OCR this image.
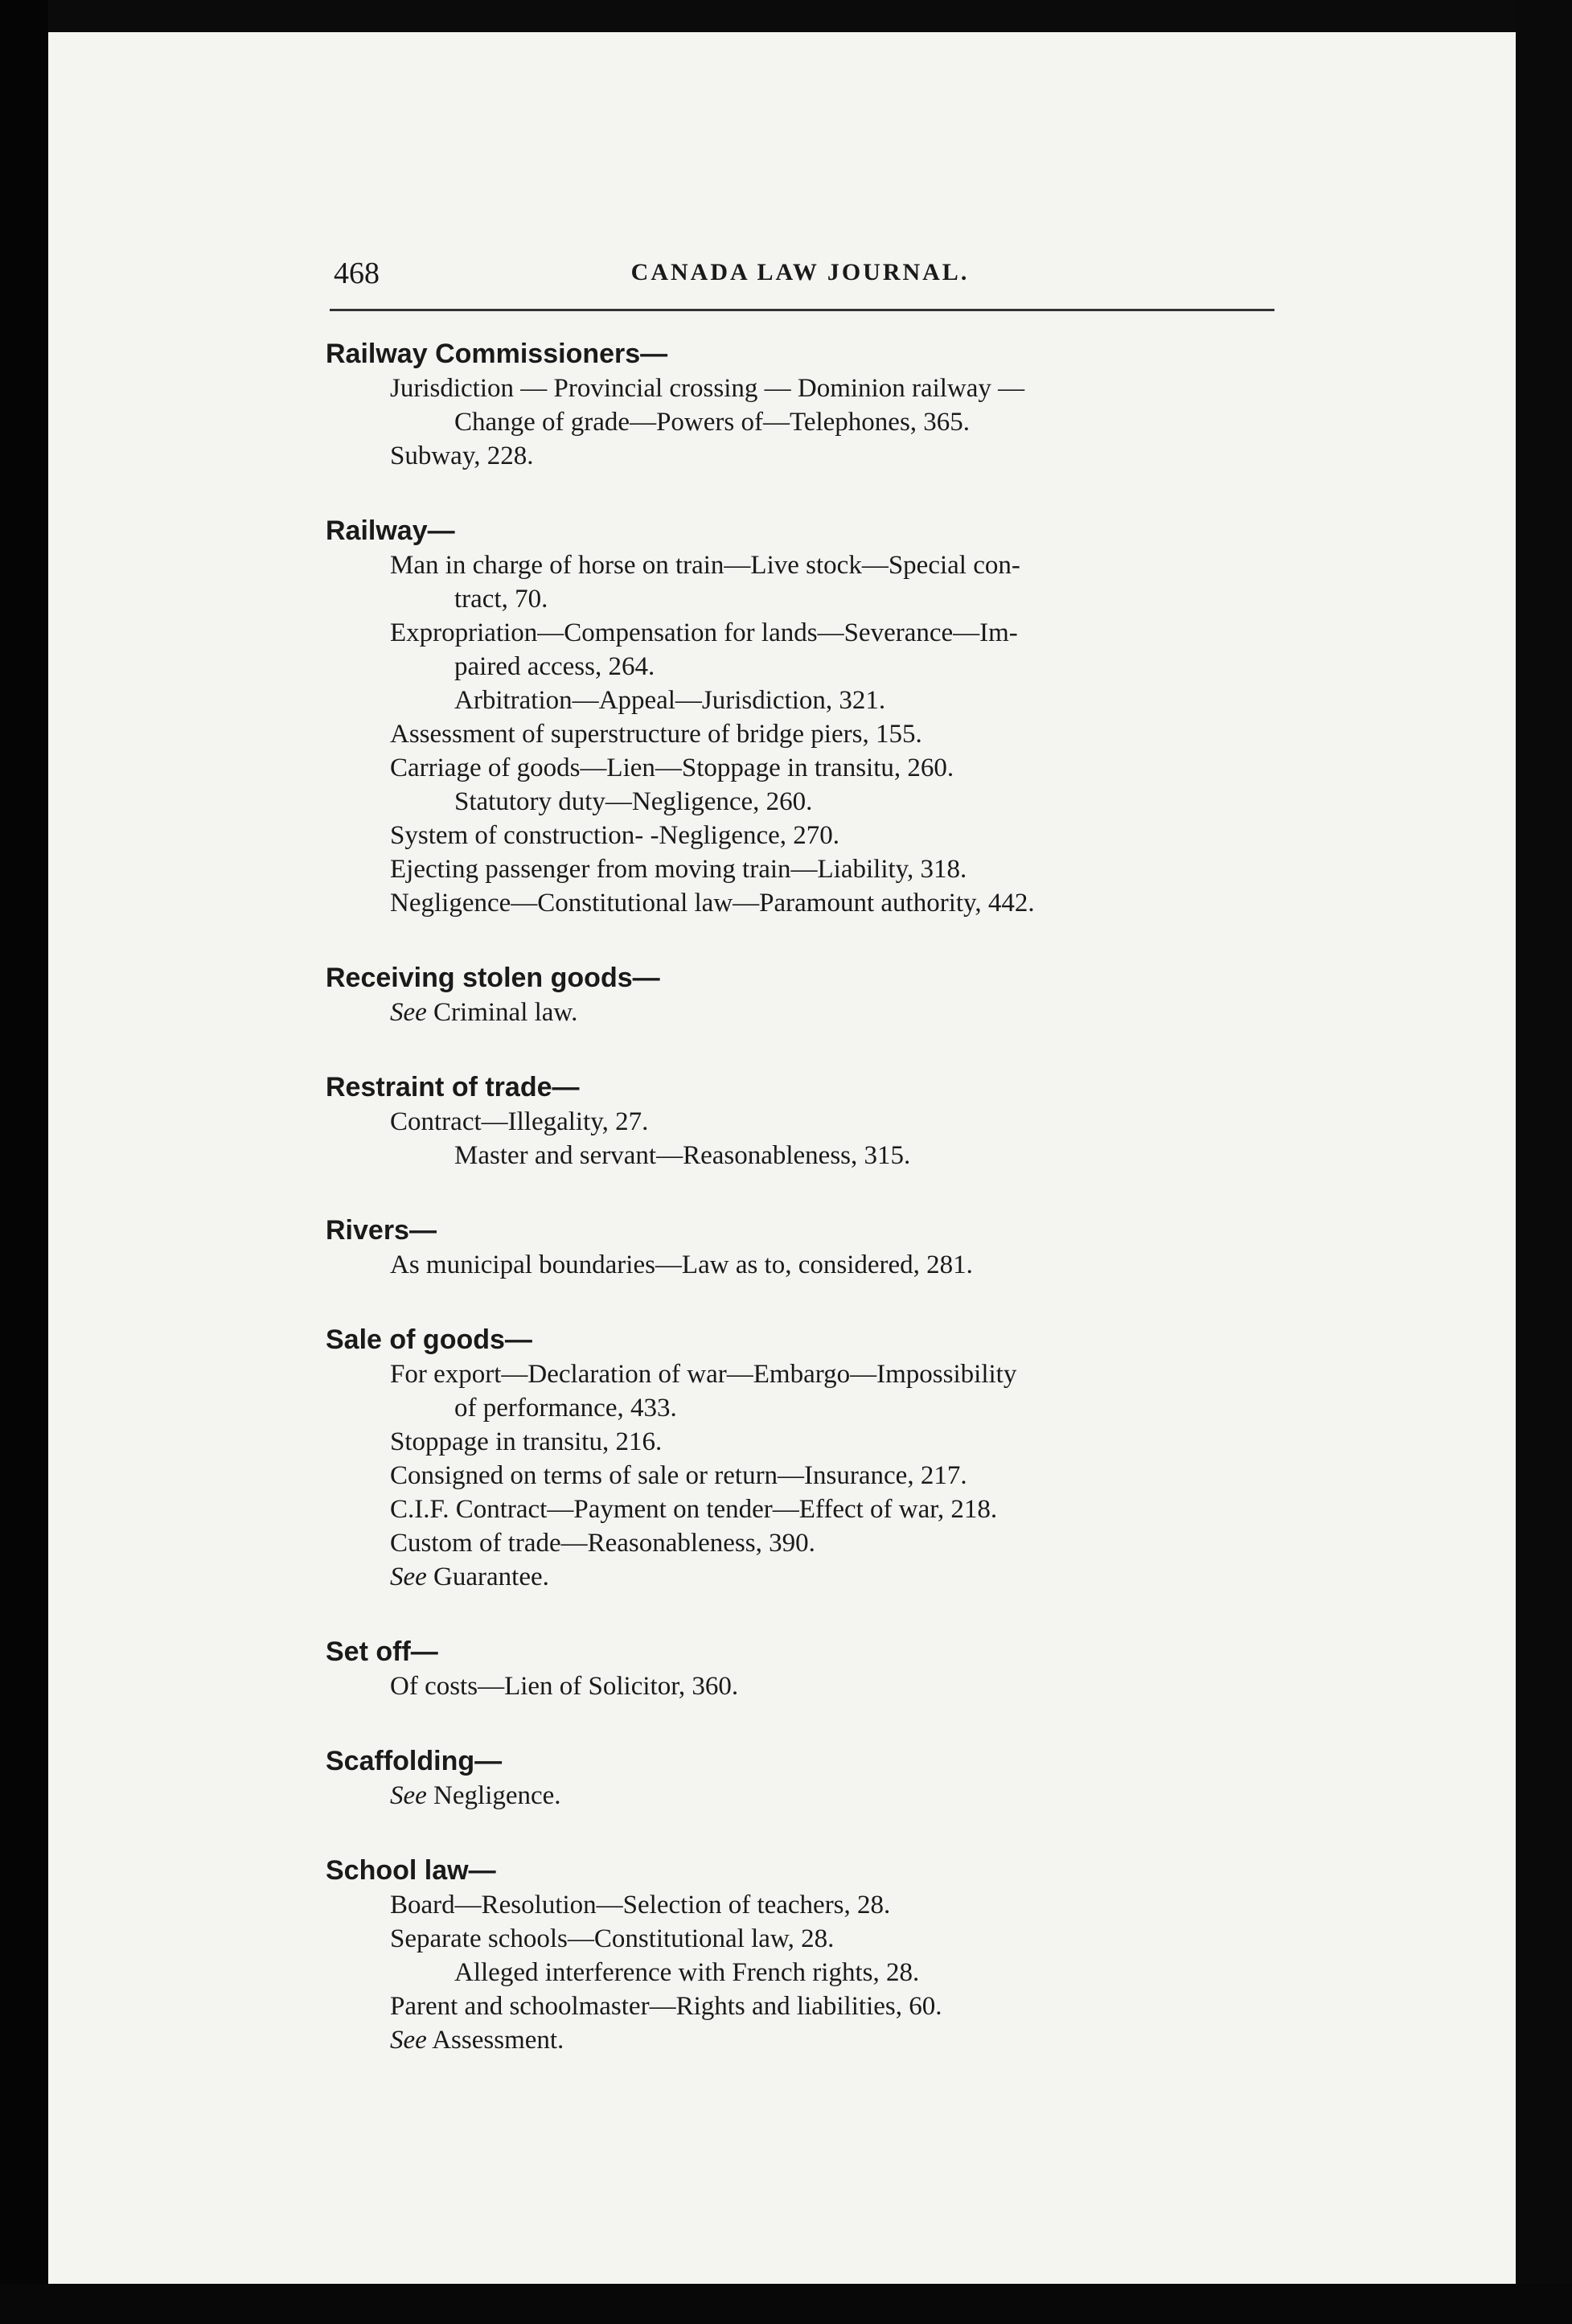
468	CANADA LAW JOURNAL.
Railway Commissioners—

Jurisdiction — Provincial crossing — Dominion railway —

Change of grade—Powers of—Telephones, 365.

Subway, 228.

Railway—

Man in charge of horse on train—Live stock—Special con-

tract, 70.

Expropriation—Compensation for lands—Severance—Im-

paired access, 264.

Arbitration—Appeal—Jurisdiction, 321.

Assessment of superstructure of bridge piers, 155.

Carriage of goods—Lien—Stoppage in transitu, 260.

Statutory duty—Negligence, 260.

System of construction- -Negligence, 270.

Ejecting passenger from moving train—Liability, 318.

Negligence—Constitutional law—Paramount authority, 442.

Receiving stolen goods—

See Criminal law.

Restraint of trade—

Contract—Illegality, 27.

Master and servant—Reasonableness, 315.

Rivers—

As municipal boundaries—Law as to, considered, 281.

Sale of goods—

For export—Declaration of war—Embargo—Impossibility

of performance, 433.

Stoppage in transitu, 216.

Consigned on terms of sale or return—Insurance, 217.

C.I.F. Contract—Payment on tender—Effect of war, 218.

Custom of trade—Reasonableness, 390.

See Guarantee.

Set off—

Of costs—Lien of Solicitor, 360.

Scaffolding—

See Negligence.

School law—

Board—Resolution—Selection of teachers, 28.

Separate schools—Constitutional law, 28.

Alleged interference with French rights, 28.

Parent and schoolmaster—Rights and liabilities, 60.

See Assessment.
